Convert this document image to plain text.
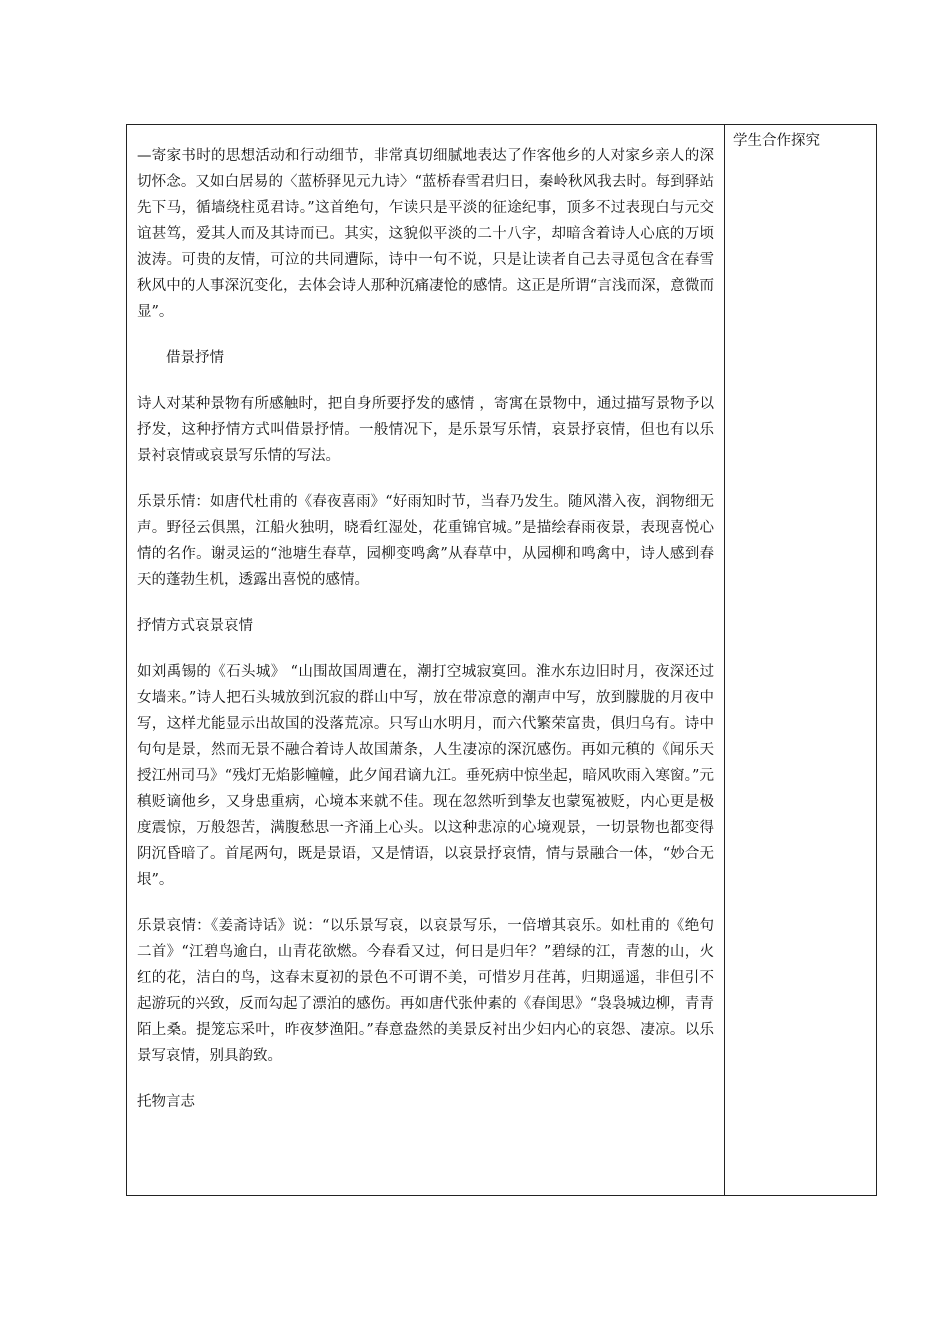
—寄家书时的思想活动和行动细节，非常真切细腻地表达了作客他乡的人对家乡亲人的深切怀念。又如白居易的〈蓝桥驿见元九诗〉“蓝桥春雪君归日，秦岭秋风我去时。每到驿站先下马，循墙绕柱觅君诗。”这首绝句，乍读只是平淡的征途纪事，顶多不过表现白与元交谊甚笃，爱其人而及其诗而已。其实，这貌似平淡的二十八字，却暗含着诗人心底的万顷波涛。可贵的友情，可泣的共同遭际，诗中一句不说，只是让读者自己去寻觅包含在春雪秋风中的人事深沉变化，去体会诗人那种沉痛凄怆的感情。这正是所谓“言浅而深，意微而显”。

借景抒情

诗人对某种景物有所感触时，把自身所要抒发的感情 ，寄寓在景物中，通过描写景物予以抒发，这种抒情方式叫借景抒情。一般情况下，是乐景写乐情，哀景抒哀情，但也有以乐景衬哀情或哀景写乐情的写法。

乐景乐情：如唐代杜甫的《春夜喜雨》“好雨知时节，当春乃发生。随风潜入夜，润物细无声。野径云俱黑，江船火独明，晓看红湿处，花重锦官城。”是描绘春雨夜景，表现喜悦心情的名作。谢灵运的“池塘生春草，园柳变鸣禽”从春草中，从园柳和鸣禽中，诗人感到春天的蓬勃生机，透露出喜悦的感情。

抒情方式哀景哀情

如刘禹锡的《石头城》 “山围故国周遭在，潮打空城寂寞回。淮水东边旧时月，夜深还过女墙来。”诗人把石头城放到沉寂的群山中写，放在带凉意的潮声中写，放到朦胧的月夜中写，这样尤能显示出故国的没落荒凉。只写山水明月，而六代繁荣富贵，俱归乌有。诗中句句是景，然而无景不融合着诗人故国萧条，人生凄凉的深沉感伤。再如元稹的《闻乐天授江州司马》“残灯无焰影幢幢，此夕闻君谪九江。垂死病中惊坐起，暗风吹雨入寒窗。”元稹贬谪他乡，又身患重病，心境本来就不佳。现在忽然听到挚友也蒙冤被贬，内心更是极度震惊，万般怨苦，满腹愁思一齐涌上心头。以这种悲凉的心境观景，一切景物也都变得阴沉昏暗了。首尾两句，既是景语，又是情语，以哀景抒哀情，情与景融合一体，“妙合无垠”。

乐景哀情：《姜斋诗话》说：“以乐景写哀，以哀景写乐，一倍增其哀乐。如杜甫的《绝句二首》“江碧鸟逾白，山青花欲燃。今春看又过，何日是归年？”碧绿的江，青葱的山，火红的花，洁白的鸟，这春末夏初的景色不可谓不美，可惜岁月荏苒，归期遥遥，非但引不起游玩的兴致，反而勾起了漂泊的感伤。再如唐代张仲素的《春闺思》“袅袅城边柳，青青陌上桑。提笼忘采叶，昨夜梦渔阳。”春意盎然的美景反衬出少妇内心的哀怨、凄凉。以乐景写哀情，别具韵致。

托物言志

学生合作探究
